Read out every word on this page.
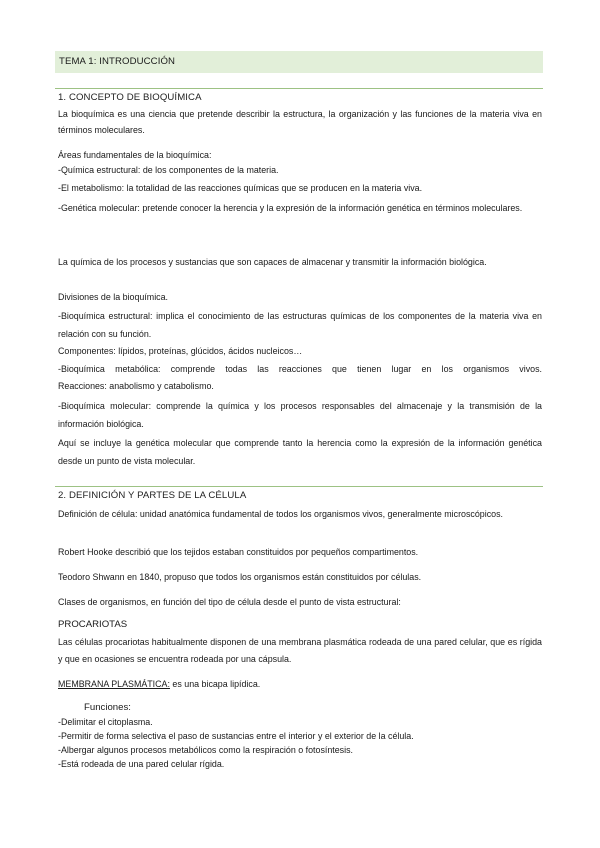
TEMA 1: INTRODUCCIÓN
1. CONCEPTO DE BIOQUÍMICA
La bioquímica es una ciencia que pretende describir la estructura, la organización y las funciones de la materia viva en términos moleculares.
Áreas fundamentales de la bioquímica:
-Química estructural: de los componentes de la materia.
-El metabolismo: la totalidad de las reacciones químicas que se producen en la materia viva.
-Genética molecular: pretende conocer la herencia y la expresión de la información genética en términos moleculares.
La química de los procesos y sustancias que son capaces de almacenar y transmitir la información biológica.
Divisiones de la bioquímica.
-Bioquímica estructural: implica el conocimiento de las estructuras químicas de los componentes de la materia viva en relación con su función.
Componentes: lípidos, proteínas, glúcidos, ácidos nucleicos…
-Bioquímica metabólica: comprende todas las reacciones que tienen lugar en los organismos vivos.
Reacciones: anabolismo y catabolismo.
-Bioquímica molecular: comprende la química y los procesos responsables del almacenaje y la transmisión de la información biológica.
Aquí se incluye la genética molecular que comprende tanto la herencia como la expresión de la información genética desde un punto de vista molecular.
2. DEFINICIÓN Y PARTES DE LA CÉLULA
Definición de célula: unidad anatómica fundamental de todos los organismos vivos, generalmente microscópicos.
Robert Hooke describió que los tejidos estaban constituidos por pequeños compartimentos.
Teodoro Shwann en 1840, propuso que todos los organismos están constituidos por células.
Clases de organismos, en función del tipo de célula desde el punto de vista estructural:
PROCARIOTAS
Las células procariotas habitualmente disponen de una membrana plasmática rodeada de una pared celular, que es rígida y que en ocasiones se encuentra rodeada por una cápsula.
MEMBRANA PLASMÁTICA: es una bicapa lipídica.
Funciones:
-Delimitar el citoplasma.
-Permitir de forma selectiva el paso de sustancias entre el interior y el exterior de la célula.
-Albergar algunos procesos metabólicos como la respiración o fotosíntesis.
-Está rodeada de una pared celular rígida.
